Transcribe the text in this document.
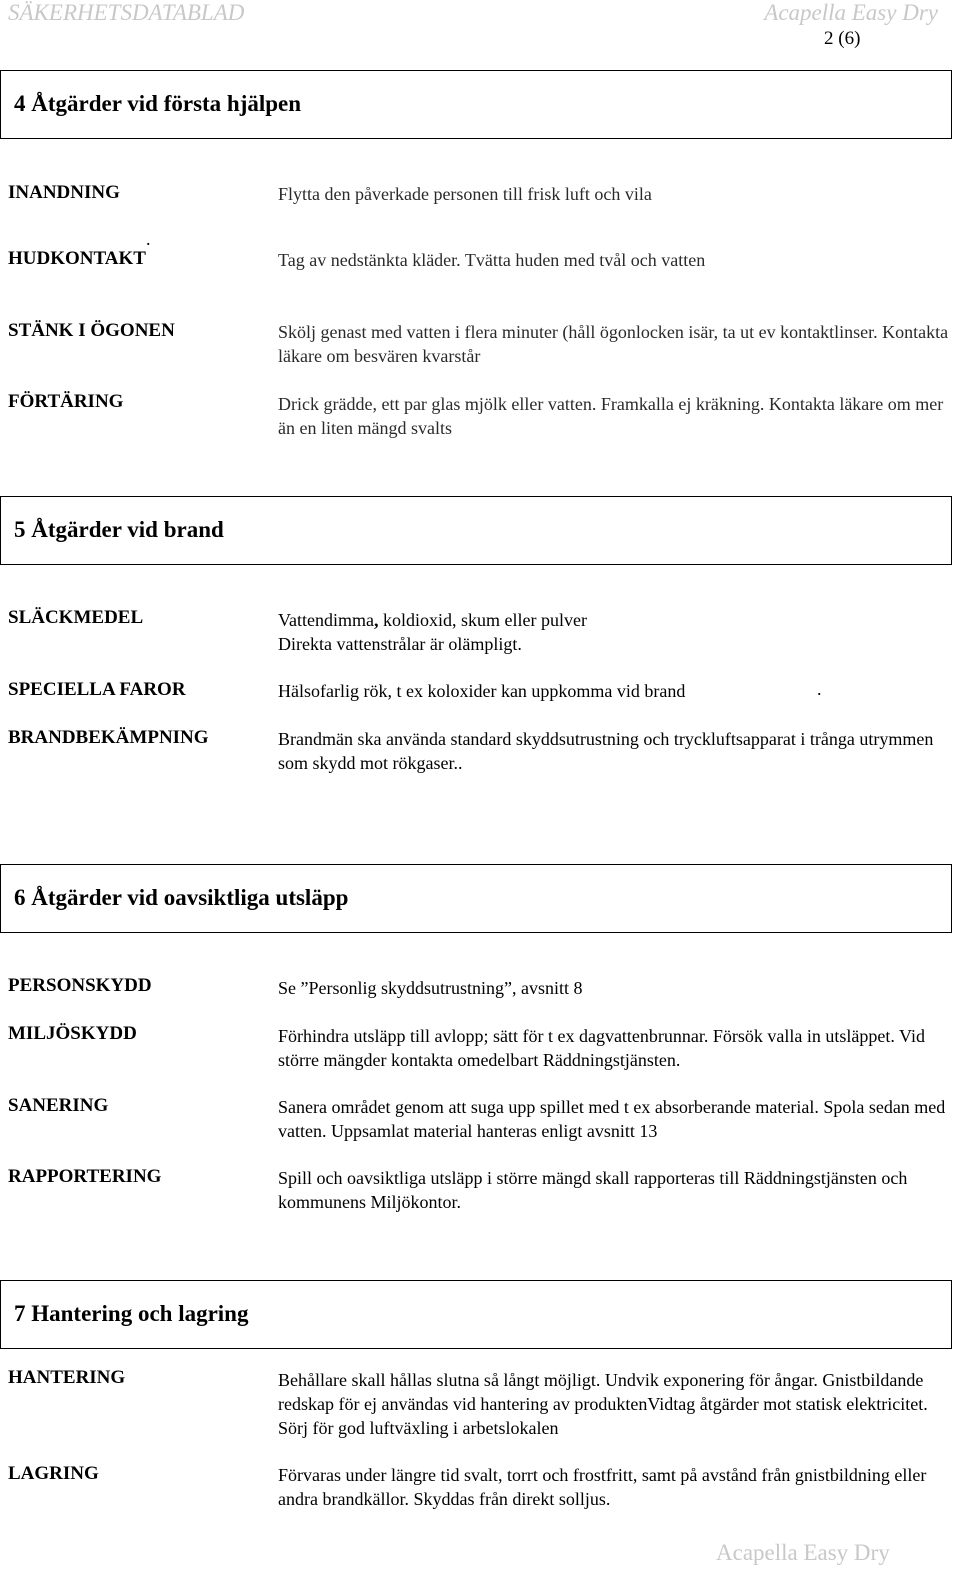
SÄKERHETSDATABLAD	Acapella Easy Dry
2 (6)
4 Åtgärder vid första hjälpen
INANDNING	Flytta den påverkade personen till frisk luft och vila
.
HUDKONTAKT	Tag av nedstänkta kläder. Tvätta huden med tvål och vatten
STÄNK I ÖGONEN	Skölj genast med vatten i flera minuter (håll ögonlocken isär, ta ut ev kontaktlinser. Kontakta läkare om besvären kvarstår
FÖRTÄRING	Drick grädde, ett par glas mjölk eller vatten. Framkalla ej kräkning. Kontakta läkare om mer än en liten mängd svalts
5 Åtgärder vid brand
SLÄCKMEDEL	Vattendimma, koldioxid, skum eller pulver
Direkta vattenstrålar är olämpligt.
SPECIELLA FAROR	Hälsofarlig rök, t ex koloxider kan uppkomma vid brand	.
BRANDBEKÄMPNING	Brandmän ska använda standard skyddsutrustning och tryckluftsapparat i trånga utrymmen som skydd mot rökgaser..
6 Åtgärder vid oavsiktliga utsläpp
PERSONSKYDD	Se ”Personlig skyddsutrustning”, avsnitt 8
MILJÖSKYDD	Förhindra utsläpp till avlopp; sätt för t ex dagvattenbrunnar. Försök valla in utsläppet. Vid större mängder kontakta omedelbart Räddningstjänsten.
SANERING	Sanera området genom att suga upp spillet med t ex absorberande material. Spola sedan med vatten. Uppsamlat material hanteras enligt avsnitt 13
RAPPORTERING	Spill och oavsiktliga utsläpp i större mängd skall rapporteras till Räddningstjänsten och kommunens Miljökontor.
7 Hantering och lagring
HANTERING	Behållare skall hållas slutna så långt möjligt. Undvik exponering för ångar. Gnistbildande redskap för ej användas vid hantering av produktenVidtag åtgärder mot statisk elektricitet. Sörj för god luftväxling i arbetslokalen
LAGRING	Förvaras under längre tid svalt, torrt och frostfritt, samt på avstånd från gnistbildning eller andra brandkällor. Skyddas från direkt solljus.
Acapella Easy Dry
